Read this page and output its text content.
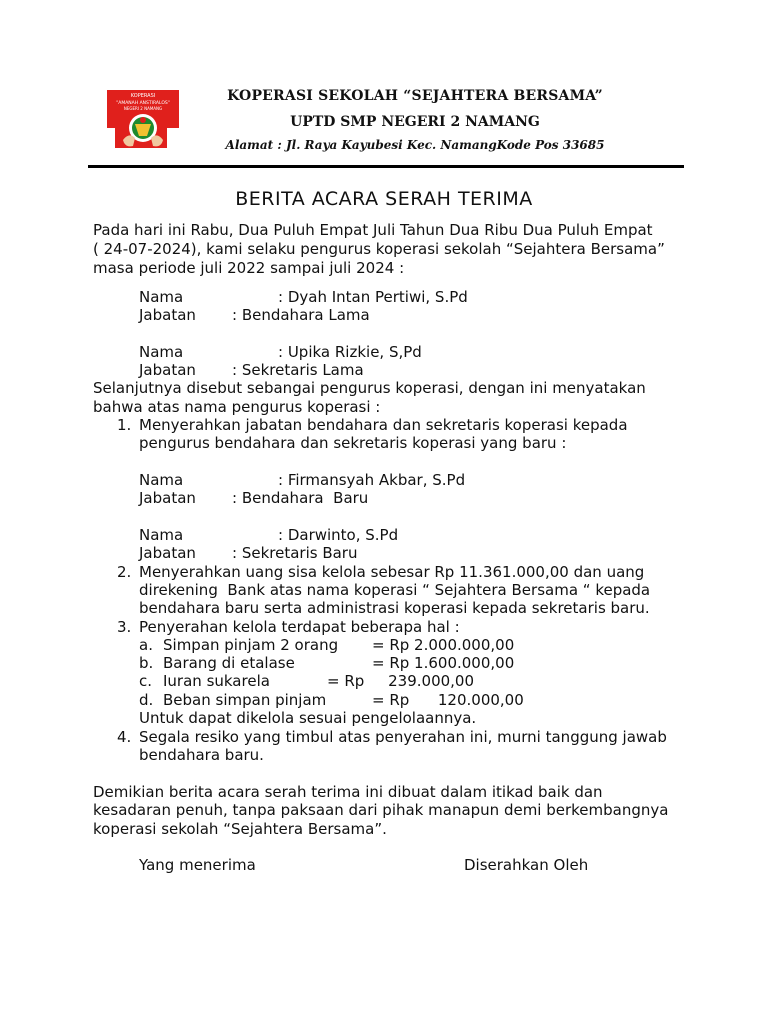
KOPERASI
"AMANAH ANSTIRALOS"
NEGERI 2 NAMANG
KOPERASI SEKOLAH “SEJAHTERA BERSAMA”
UPTD SMP NEGERI 2 NAMANG
Alamat : Jl. Raya Kayubesi Kec. NamangKode Pos 33685
BERITA ACARA SERAH TERIMA
Pada hari ini Rabu, Dua Puluh Empat Juli Tahun Dua Ribu Dua Puluh Empat
( 24-07-2024), kami selaku pengurus koperasi sekolah “Sejahtera Bersama”
masa periode juli 2022 sampai juli 2024 :
Nama	: Dyah Intan Pertiwi, S.Pd
Jabatan : Bendahara Lama
Nama	: Upika Rizkie, S,Pd
Jabatan : Sekretaris Lama
Selanjutnya disebut sebangai pengurus koperasi, dengan ini menyatakan
bahwa atas nama pengurus koperasi :
1. Menyerahkan jabatan bendahara dan sekretaris koperasi kepada
pengurus bendahara dan sekretaris koperasi yang baru :
Nama	: Firmansyah Akbar, S.Pd
Jabatan : Bendahara  Baru
Nama	: Darwinto, S.Pd
Jabatan : Sekretaris Baru
2. Menyerahkan uang sisa kelola sebesar Rp 11.361.000,00 dan uang
direkening  Bank atas nama koperasi “ Sejahtera Bersama “ kepada
bendahara baru serta administrasi koperasi kepada sekretaris baru.
3. Penyerahan kelola terdapat beberapa hal :
a. Simpan pinjam 2 orang = Rp 2.000.000,00
b. Barang di etalase	= Rp 1.600.000,00
c. Iuran sukarela	= Rp     239.000,00
d. Beban simpan pinjam	= Rp      120.000,00
Untuk dapat dikelola sesuai pengelolaannya.
4. Segala resiko yang timbul atas penyerahan ini, murni tanggung jawab
bendahara baru.
Demikian berita acara serah terima ini dibuat dalam itikad baik dan
kesadaran penuh, tanpa paksaan dari pihak manapun demi berkembangnya
koperasi sekolah “Sejahtera Bersama”.
Yang menerima	Diserahkan Oleh
